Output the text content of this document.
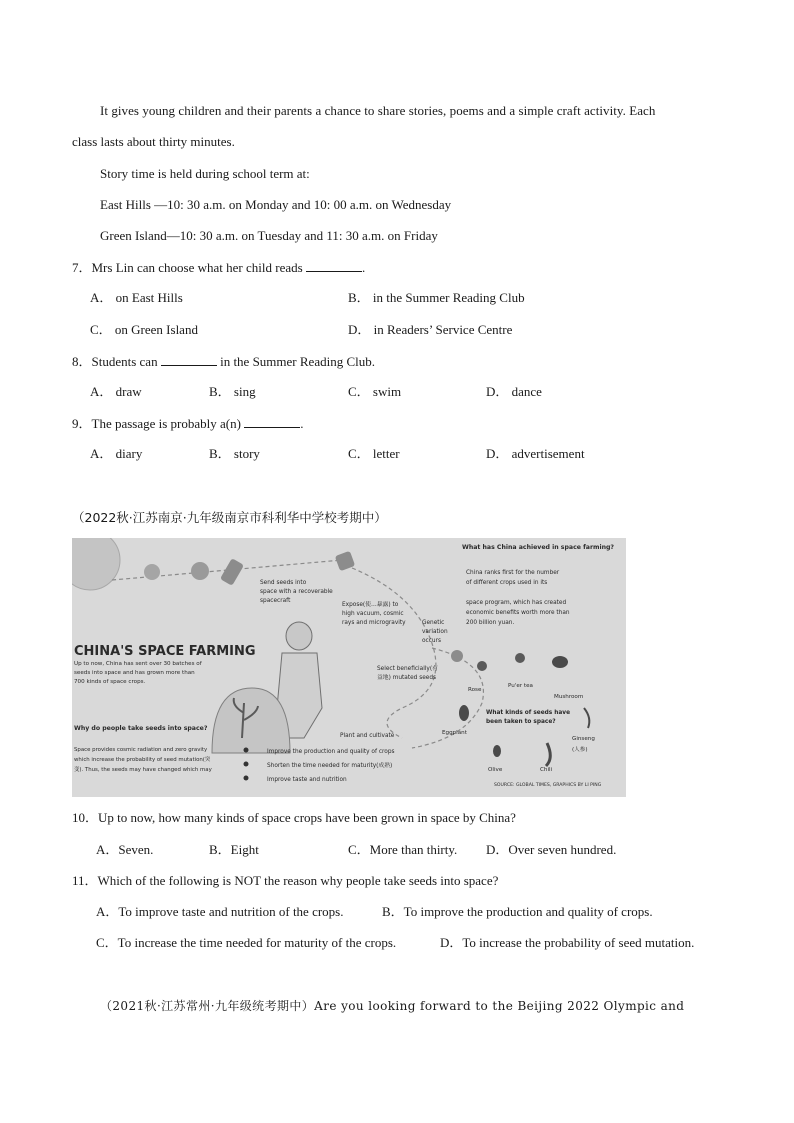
It gives young children and their parents a chance to share stories, poems and a simple craft activity. Each
class lasts about thirty minutes.
Story time is held during school term at:
East Hills —10: 30 a.m. on Monday and 10: 00 a.m. on Wednesday
Green Island—10: 30 a.m. on Tuesday and 11: 30 a.m. on Friday
7．Mrs Lin can choose what her child reads	.
A． on East Hills	B． in the Summer Reading Club
C． on Green Island	D． in Readers’ Service Centre
8．Students can	in the Summer Reading Club.
A． draw	B． sing	C． swim	D． dance
9．The passage is probably a(n)	.
A． diary	B． story	C． letter	D． advertisement
（2022秋·江苏南京·九年级南京市科利华中学校考期中）
CHINA'S SPACE FARMING
Up to now, China has sent over 30 batches of
seeds into space and has grown more than
700 kinds of space crops.
Why do people take seeds into space?
Space provides cosmic radiation and zero gravity
which increase the probability of seed mutation(突
变). Thus, the seeds may have changed which may
Send seeds into
space with a recoverable
spacecraft
Expose(使…暴露) to
high vacuum, cosmic
rays and microgravity	Genetic
variation
occurs
Select beneficially(有
益地) mutated seeds
Plant and cultivate
Improve the production and quality of crops
Shorten the time needed for maturity(成熟)
Improve taste and nutrition
What has China achieved in space farming?
China ranks first for the number
of different crops used in its
space program, which has created
economic benefits worth more than
200 billion yuan.
Rose
Pu'er tea
Mushroom
Eggplant
Ginseng
(人参)
What kinds of seeds have
been taken to space?
Olive	Chili
SOURCE: GLOBAL TIMES, GRAPHICS BY LI PING
10．Up to now, how many kinds of space crops have been grown in space by China?
A．Seven.	B．Eight	C．More than thirty. D．Over seven hundred.
11．Which of the following is NOT the reason why people take seeds into space?
A．To improve taste and nutrition of the crops.	B．To improve the production and quality of crops.
C．To increase the time needed for maturity of the crops.	D．To increase the probability of seed mutation.
（2021秋·江苏常州·九年级统考期中）Are you looking forward to the Beijing 2022 Olympic and
